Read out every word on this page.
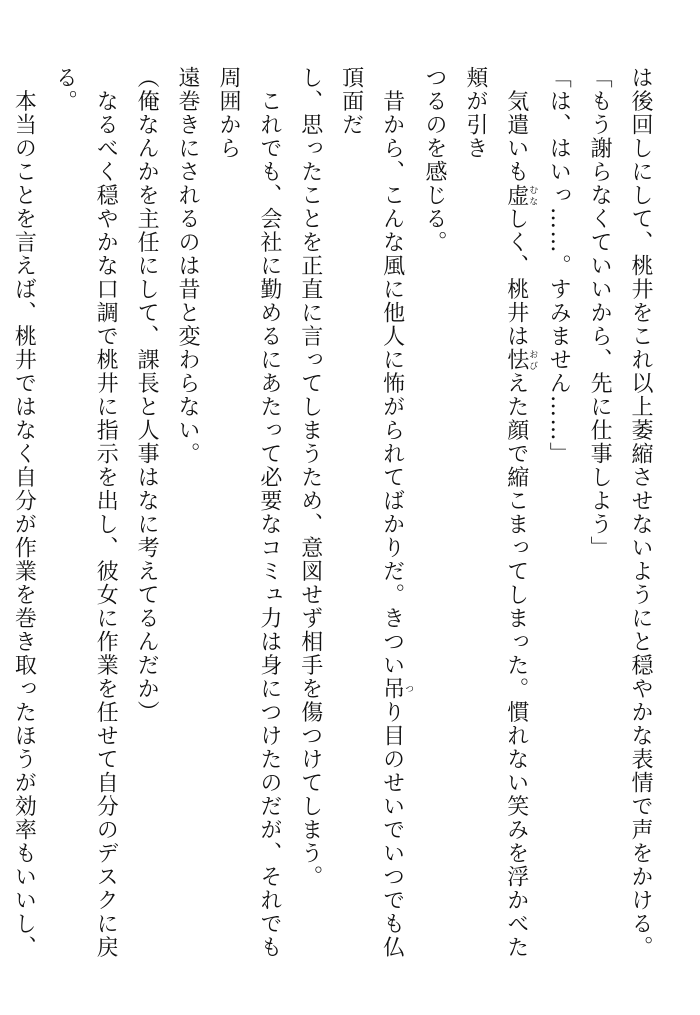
は後回しにして、桃井をこれ以上萎縮させないようにと穏やかな表情で声をかける。

「もう謝らなくていいから、先に仕事しよう」

「は、はいっ……。すみません……」

　気遣いも虚むなしく、桃井は怯おびえた顔で縮こまってしまった。慣れない笑みを浮かべた頬が引き

つるのを感じる。

　昔から、こんな風に他人に怖がられてばかりだ。きつい吊つり目のせいでいつでも仏頂面だ

し、思ったことを正直に言ってしまうため、意図せず相手を傷つけてしまう。

　これでも、会社に勤めるにあたって必要なコミュ力は身につけたのだが、それでも周囲から

遠巻きにされるのは昔と変わらない。

（俺なんかを主任にして、課長と人事はなに考えてるんだか）

　なるべく穏やかな口調で桃井に指示を出し、彼女に作業を任せて自分のデスクに戻る。

　本当のことを言えば、桃井ではなく自分が作業を巻き取ったほうが効率もいいし、
